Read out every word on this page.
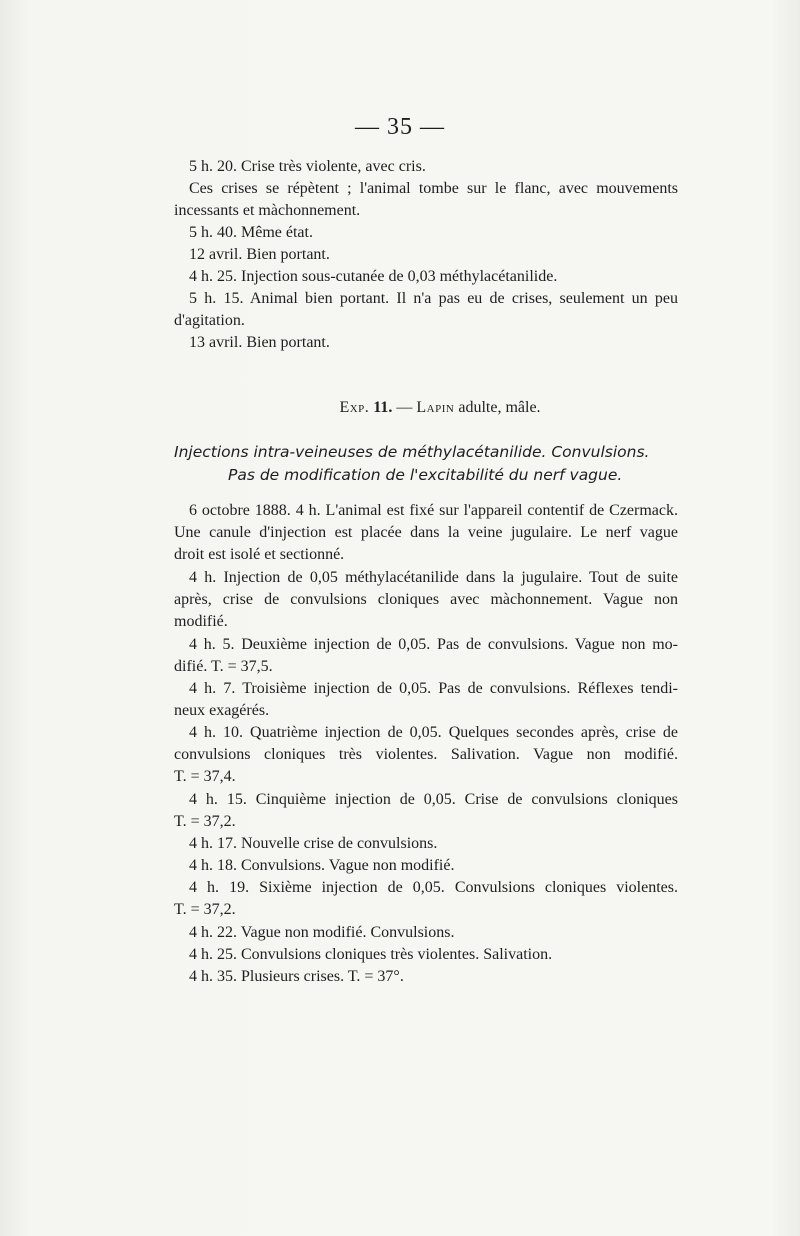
— 35 —
5 h. 20. Crise très violente, avec cris.
Ces crises se répètent ; l'animal tombe sur le flanc, avec mouvements
incessants et màchonnement.
5 h. 40. Même état.
12 avril. Bien portant.
4 h. 25. Injection sous-cutanée de 0,03 méthylacétanilide.
5 h. 15. Animal bien portant. Il n'a pas eu de crises, seulement un peu
d'agitation.
13 avril. Bien portant.
Exp. 11. — Lapin adulte, mâle.
Injections intra-veineuses de méthylacétanilide. Convulsions.
Pas de modification de l'excitabilité du nerf vague.
6 octobre 1888. 4 h. L'animal est fixé sur l'appareil contentif de Czermack.
Une canule d'injection est placée dans la veine jugulaire. Le nerf vague
droit est isolé et sectionné.
4 h. Injection de 0,05 méthylacétanilide dans la jugulaire. Tout de suite
après, crise de convulsions cloniques avec màchonnement. Vague non
modifié.
4 h. 5. Deuxième injection de 0,05. Pas de convulsions. Vague non mo-
difié. T. = 37,5.
4 h. 7. Troisième injection de 0,05. Pas de convulsions. Réflexes tendi-
neux exagérés.
4 h. 10. Quatrième injection de 0,05. Quelques secondes après, crise de
convulsions cloniques très violentes. Salivation. Vague non modifié.
T. = 37,4.
4 h. 15. Cinquième injection de 0,05. Crise de convulsions cloniques
T. = 37,2.
4 h. 17. Nouvelle crise de convulsions.
4 h. 18. Convulsions. Vague non modifié.
4 h. 19. Sixième injection de 0,05. Convulsions cloniques violentes.
T. = 37,2.
4 h. 22. Vague non modifié. Convulsions.
4 h. 25. Convulsions cloniques très violentes. Salivation.
4 h. 35. Plusieurs crises. T. = 37°.
